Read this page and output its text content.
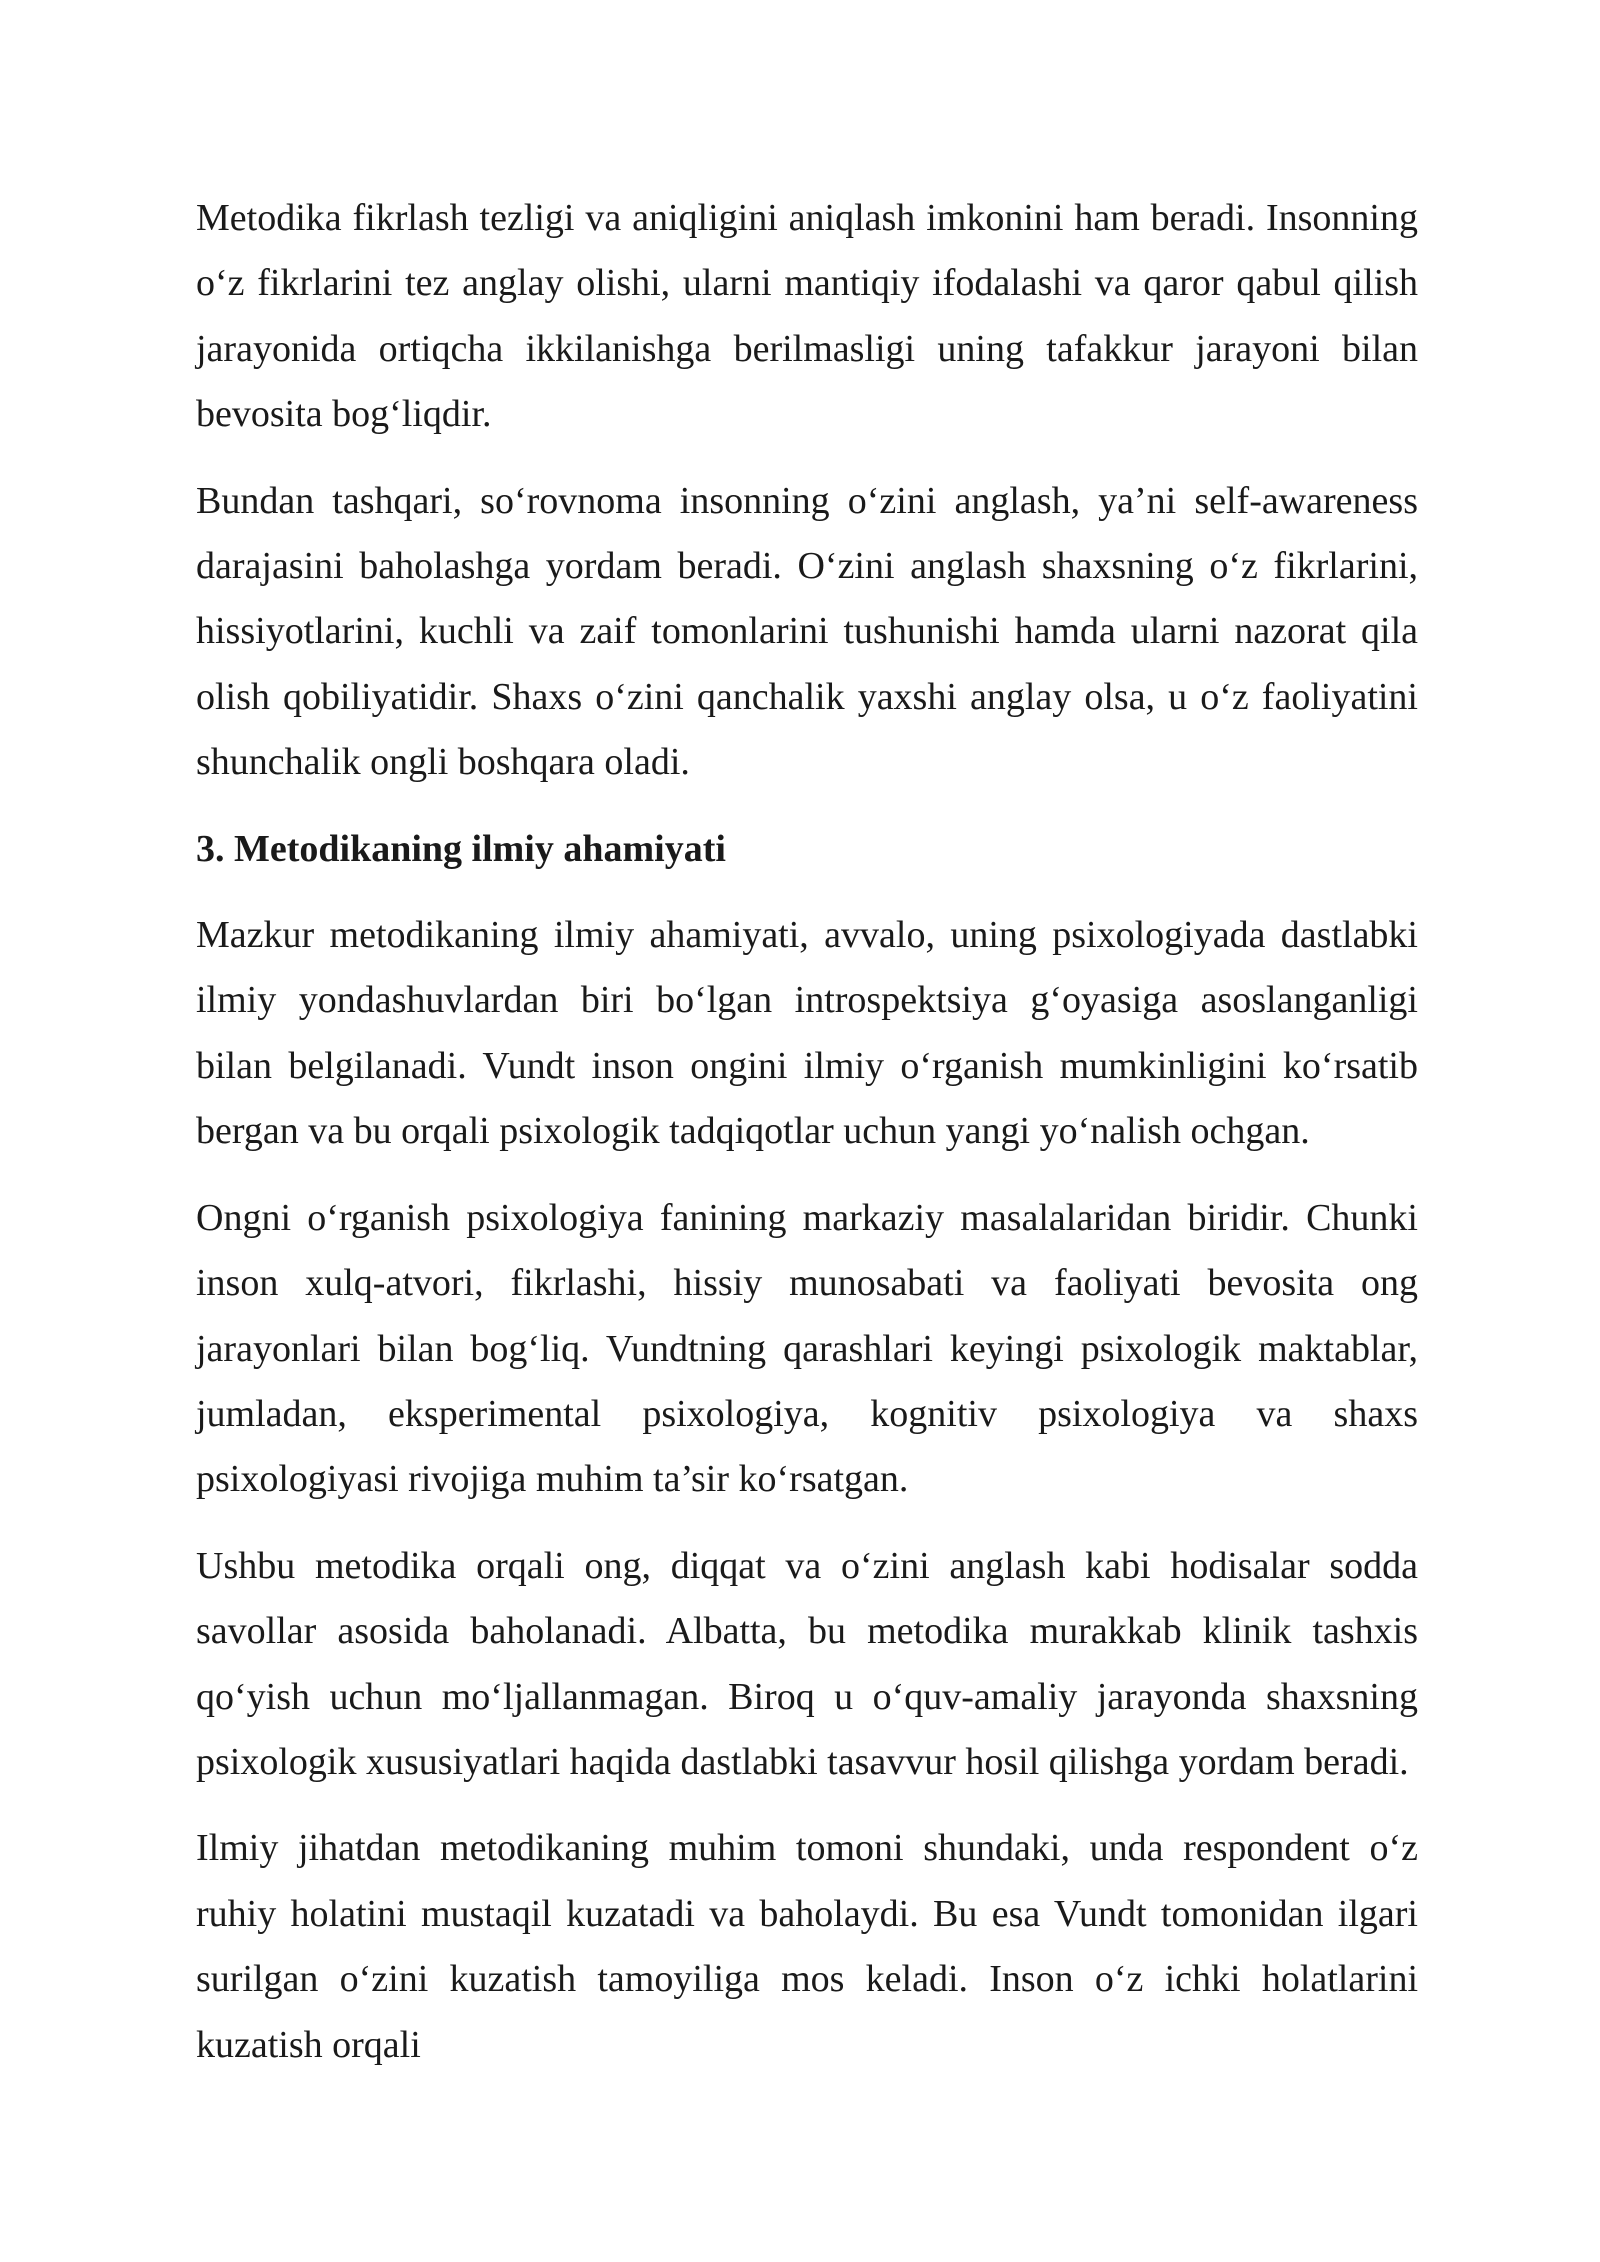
Metodika fikrlash tezligi va aniqligini aniqlash imkonini ham beradi. Insonning o‘z fikrlarini tez anglay olishi, ularni mantiqiy ifodalashi va qaror qabul qilish jarayonida ortiqcha ikkilanishga berilmasligi uning tafakkur jarayoni bilan bevosita bog‘liqdir.

Bundan tashqari, so‘rovnoma insonning o‘zini anglash, ya’ni self-awareness darajasini baholashga yordam beradi. O‘zini anglash shaxsning o‘z fikrlarini, hissiyotlarini, kuchli va zaif tomonlarini tushunishi hamda ularni nazorat qila olish qobiliyatidir. Shaxs o‘zini qanchalik yaxshi anglay olsa, u o‘z faoliyatini shunchalik ongli boshqara oladi.

3. Metodikaning ilmiy ahamiyati

Mazkur metodikaning ilmiy ahamiyati, avvalo, uning psixologiyada dastlabki ilmiy yondashuvlardan biri bo‘lgan introspektsiya g‘oyasiga asoslanganligi bilan belgilanadi. Vundt inson ongini ilmiy o‘rganish mumkinligini ko‘rsatib bergan va bu orqali psixologik tadqiqotlar uchun yangi yo‘nalish ochgan.

Ongni o‘rganish psixologiya fanining markaziy masalalaridan biridir. Chunki inson xulq-atvori, fikrlashi, hissiy munosabati va faoliyati bevosita ong jarayonlari bilan bog‘liq. Vundtning qarashlari keyingi psixologik maktablar, jumladan, eksperimental psixologiya, kognitiv psixologiya va shaxs psixologiyasi rivojiga muhim ta’sir ko‘rsatgan.

Ushbu metodika orqali ong, diqqat va o‘zini anglash kabi hodisalar sodda savollar asosida baholanadi. Albatta, bu metodika murakkab klinik tashxis qo‘yish uchun mo‘ljallanmagan. Biroq u o‘quv-amaliy jarayonda shaxsning psixologik xususiyatlari haqida dastlabki tasavvur hosil qilishga yordam beradi.

Ilmiy jihatdan metodikaning muhim tomoni shundaki, unda respondent o‘z ruhiy holatini mustaqil kuzatadi va baholaydi. Bu esa Vundt tomonidan ilgari surilgan o‘zini kuzatish tamoyiliga mos keladi. Inson o‘z ichki holatlarini kuzatish orqali
